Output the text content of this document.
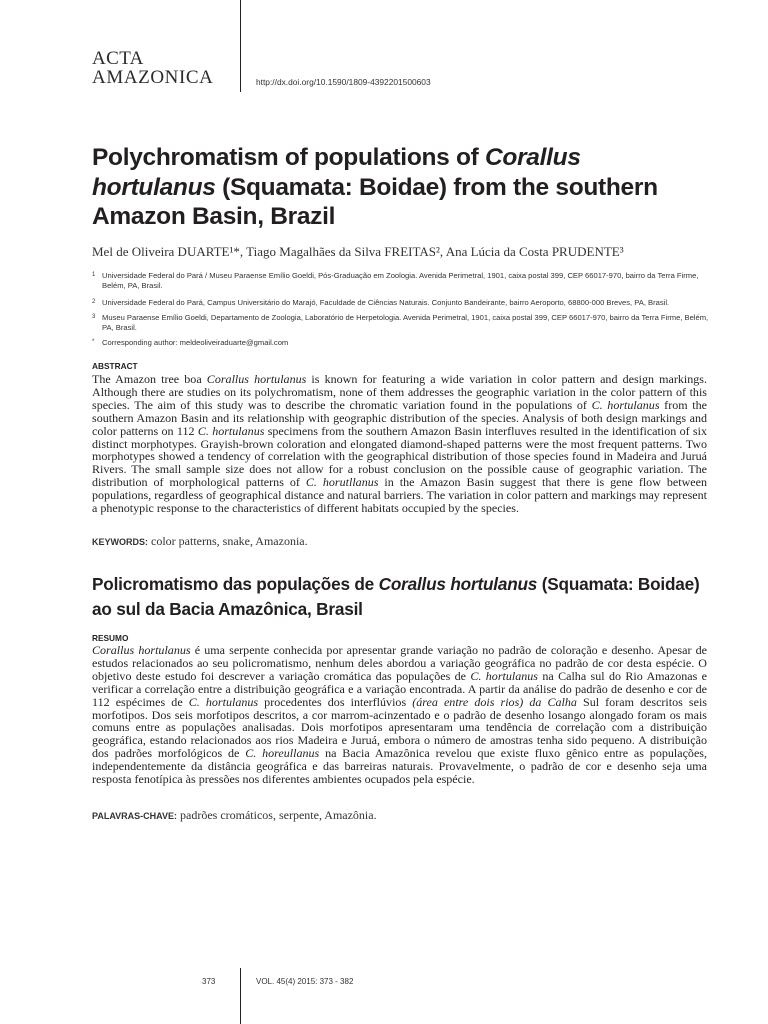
ACTA
AMAZONICA	http://dx.doi.org/10.1590/1809-4392201500603
Polychromatism of populations of Corallus hortulanus (Squamata: Boidae) from the southern Amazon Basin, Brazil
Mel de Oliveira DUARTE¹*, Tiago Magalhães da Silva FREITAS², Ana Lúcia da Costa PRUDENTE³
1 Universidade Federal do Pará / Museu Paraense Emílio Goeldi, Pós-Graduação em Zoologia. Avenida Perimetral, 1901, caixa postal 399, CEP 66017-970, bairro da Terra Firme, Belém, PA, Brasil.
2 Universidade Federal do Pará, Campus Universitário do Marajó, Faculdade de Ciências Naturais. Conjunto Bandeirante, bairro Aeroporto, 68800-000 Breves, PA, Brasil.
3 Museu Paraense Emílio Goeldi, Departamento de Zoologia, Laboratório de Herpetologia. Avenida Perimetral, 1901, caixa postal 399, CEP 66017-970, bairro da Terra Firme, Belém, PA, Brasil.
* Corresponding author: meldeoliveiraduarte@gmail.com
ABSTRACT

The Amazon tree boa Corallus hortulanus is known for featuring a wide variation in color pattern and design markings. Although there are studies on its polychromatism, none of them addresses the geographic variation in the color pattern of this species. The aim of this study was to describe the chromatic variation found in the populations of C. hortulanus from the southern Amazon Basin and its relationship with geographic distribution of the species. Analysis of both design markings and color patterns on 112 C. hortulanus specimens from the southern Amazon Basin interfluves resulted in the identification of six distinct morphotypes. Grayish-brown coloration and elongated diamond-shaped patterns were the most frequent patterns. Two morphotypes showed a tendency of correlation with the geographical distribution of those species found in Madeira and Juruá Rivers. The small sample size does not allow for a robust conclusion on the possible cause of geographic variation. The distribution of morphological patterns of C. horutllanus in the Amazon Basin suggest that there is gene flow between populations, regardless of geographical distance and natural barriers. The variation in color pattern and markings may represent a phenotypic response to the characteristics of different habitats occupied by the species.

KEYWORDS: color patterns, snake, Amazonia.
Policromatismo das populações de Corallus hortulanus (Squamata: Boidae) ao sul da Bacia Amazônica, Brasil
RESUMO

Corallus hortulanus é uma serpente conhecida por apresentar grande variação no padrão de coloração e desenho. Apesar de estudos relacionados ao seu policromatismo, nenhum deles abordou a variação geográfica no padrão de cor desta espécie. O objetivo deste estudo foi descrever a variação cromática das populações de C. hortulanus na Calha sul do Rio Amazonas e verificar a correlação entre a distribuição geográfica e a variação encontrada. A partir da análise do padrão de desenho e cor de 112 espécimes de C. hortulanus procedentes dos interflúvios (área entre dois rios) da Calha Sul foram descritos seis morfotipos. Dos seis morfotipos descritos, a cor marrom-acinzentado e o padrão de desenho losango alongado foram os mais comuns entre as populações analisadas. Dois morfotipos apresentaram uma tendência de correlação com a distribuição geográfica, estando relacionados aos rios Madeira e Juruá, embora o número de amostras tenha sido pequeno. A distribuição dos padrões morfológicos de C. horeullanus na Bacia Amazônica revelou que existe fluxo gênico entre as populações, independentemente da distância geográfica e das barreiras naturais. Provavelmente, o padrão de cor e desenho seja uma resposta fenotípica às pressões nos diferentes ambientes ocupados pela espécie.

PALAVRAS-CHAVE: padrões cromáticos, serpente, Amazônia.
373	VOL. 45(4) 2015: 373 - 382
